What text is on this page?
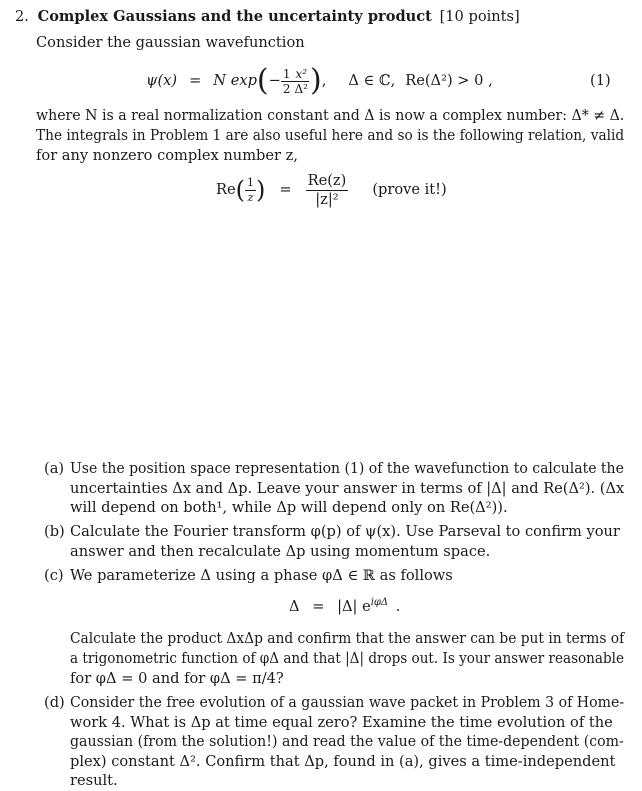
2. Complex Gaussians and the uncertainty product [10 points]
Consider the gaussian wavefunction
ψ(x) = N exp ( − $\frac{1}{2} \frac{\text{x²}}{\text{Δ²}}$ ) , Δ ∈ ℂ, Re(Δ²) > 0 ,	(1)
where N is a real normalization constant and Δ is now a complex number: Δ* ≠ Δ.
The integrals in Problem 1 are also useful here and so is the following relation, valid
for any nonzero complex number z,
Re ( $\frac{1}{z}$ ) = $\frac{Re(z)}{\text{|z|²}}$ (prove it!)
(a) Use the position space representation (1) of the wavefunction to calculate the
uncertainties Δx and Δp. Leave your answer in terms of |Δ| and Re(Δ²). (Δx
will depend on both¹, while Δp will depend only on Re(Δ²)).
(b) Calculate the Fourier transform φ(p) of ψ(x). Use Parseval to confirm your
answer and then recalculate Δp using momentum space.
(c) We parameterize Δ using a phase φΔ ∈ ℝ as follows
Δ = |Δ| $e^{i\varphi\Delta}$ .
Calculate the product ΔxΔp and confirm that the answer can be put in terms of
a trigonometric function of φΔ and that |Δ| drops out. Is your answer reasonable
for φΔ = 0 and for φΔ = π/4?
(d) Consider the free evolution of a gaussian wave packet in Problem 3 of Home-
work 4. What is Δp at time equal zero? Examine the time evolution of the
gaussian (from the solution!) and read the value of the time-dependent (com-
plex) constant Δ². Confirm that Δp, found in (a), gives a time-independent
result.
